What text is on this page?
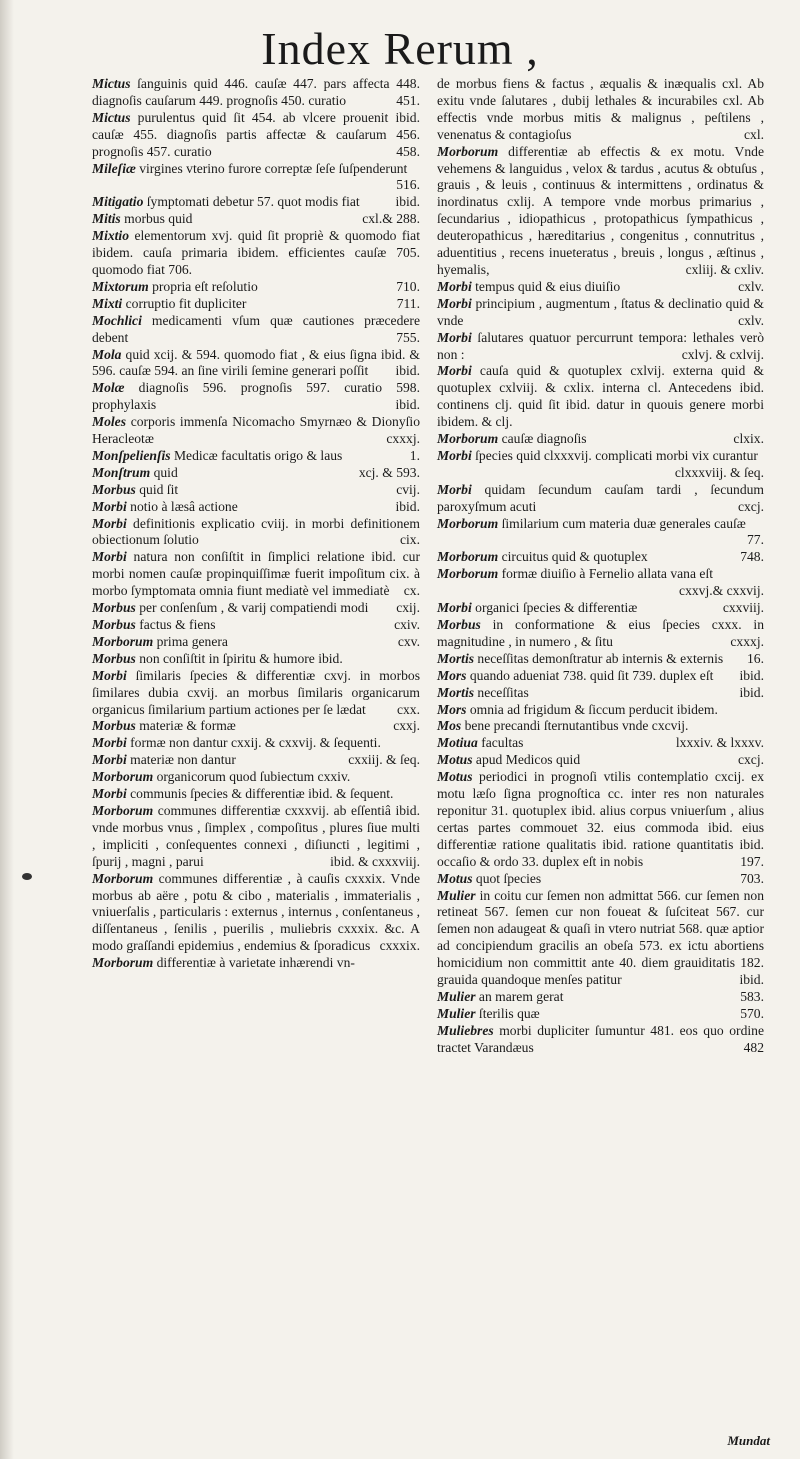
Index Rerum ,
Mictus ſanguinis quid 446. cauſæ 447. pars affecta 448. diagnoſis cauſarum 449. prognoſis 450. curatio	451.
Mictus purulentus quid ſit 454. ab vlcere prouenit ibid. cauſæ 455. diagnoſis partis affectæ & cauſarum 456. prognoſis 457. curatio	458.
Mileſiæ virgines vterino furore correptæ ſeſe ſuſpenderunt
516.
Mitigatio ſymptomati debetur 57. quot modis fiat	ibid.
Mitis morbus quid	cxl.& 288.
Mixtio elementorum xvj. quid ſit propriè & quomodo fiat ibidem. cauſa primaria ibidem. efficientes cauſæ 705. quomodo fiat 706.
Mixtorum propria eſt reſolutio	710.
Mixti corruptio fit dupliciter	711.
Mochlici medicamenti vſum quæ cautiones præcedere debent	755.
Mola quid xcij. & 594. quomodo fiat , & eius ſigna ibid. & 596. cauſæ 594. an ſine virili ſemine generari poſſit	ibid.
Molæ diagnoſis 596. prognoſis 597. curatio 598. prophylaxis	ibid.
Moles corporis immenſa Nicomacho Smyrnæo & Dionyſio Heracleotæ	cxxxj.
Monſpelienſis Medicæ facultatis origo & laus	1.
Monſtrum quid	xcj. & 593.
Morbus quid ſit	cvij.
Morbi notio à læsâ actione	ibid.
Morbi definitionis explicatio cviij. in morbi definitionem obiectionum ſolutio	cix.
Morbi natura non conſiſtit in ſimplici relatione ibid. cur morbi nomen cauſæ propinquiſſimæ fuerit impoſitum cix. à morbo ſymptomata omnia fiunt mediatè vel immediatè	cx.
Morbus per conſenſum , & varij compatiendi modi	cxij.
Morbus factus & fiens	cxiv.
Morborum prima genera	cxv.
Morbus non conſiſtit in ſpiritu & humore ibid.
Morbi ſimilaris ſpecies & differentiæ cxvj. in morbos ſimilares dubia cxvij. an morbus ſimilaris organicarum organicus ſimilarium partium actiones per ſe lædat	cxx.
Morbus materiæ & formæ	cxxj.
Morbi formæ non dantur cxxij. & cxxvij. & ſequenti.
Morbi materiæ non dantur	cxxiij. & ſeq.
Morborum organicorum quod ſubiectum cxxiv.
Morbi communis ſpecies & differentiæ ibid. & ſequent.
Morborum communes differentiæ cxxxvij. ab eſſentiâ ibid. vnde morbus vnus , ſimplex , compoſitus , plures ſiue multi , impliciti , conſequentes connexi , diſiuncti , legitimi , ſpurij , magni , parui	ibid. & cxxxviij.
Morborum communes differentiæ , à cauſis cxxxix. Vnde morbus ab aëre , potu & cibo , materialis , immaterialis , vniuerſalis , particularis : externus , internus , conſentaneus , diſſentaneus , ſenilis , puerilis , muliebris cxxxix. &c. A modo graſſandi epidemius , endemius & ſporadicus cxxxix.
Morborum differentiæ à varietate inhærendi vn-
de morbus fiens & factus , æqualis & inæqualis cxl. Ab exitu vnde ſalutares , dubij lethales & incurabiles cxl. Ab effectis vnde morbus mitis & malignus , peſtilens , venenatus & contagioſus	cxl.
Morborum differentiæ ab effectis & ex motu. Vnde vehemens & languidus , velox & tardus , acutus & obtuſus , grauis , & leuis , continuus & intermittens , ordinatus & inordinatus cxlij. A tempore vnde morbus primarius , ſecundarius , idiopathicus , protopathicus ſympathicus , deuteropathicus , hæreditarius , congenitus , connutritus , aduentitius , recens inueteratus , breuis , longus , æſtinus , hyemalis,	cxliij. & cxliv.
Morbi tempus quid & eius diuiſio	cxlv.
Morbi principium , augmentum , ſtatus & declinatio quid & vnde	cxlv.
Morbi ſalutares quatuor percurrunt tempora: lethales verò non :	cxlvj. & cxlvij.
Morbi cauſa quid & quotuplex cxlvij. externa quid & quotuplex cxlviij. & cxlix. interna cl. Antecedens ibid. continens clj. quid ſit ibid. datur in quouis genere morbi ibidem. & clj.
Morborum cauſæ diagnoſis	clxix.
Morbi ſpecies quid clxxxvij. complicati morbi vix curantur
clxxxviij. & ſeq.
Morbi quidam ſecundum cauſam tardi , ſecundum paroxyſmum acuti	cxcj.
Morborum ſimilarium cum materia duæ generales cauſæ
77.
Morborum circuitus quid & quotuplex	748.
Morborum formæ diuiſio à Fernelio allata vana eſt
cxxvj.& cxxvij.
Morbi organici ſpecies & differentiæ	cxxviij.
Morbus in conformatione & eius ſpecies cxxx. in magnitudine , in numero , & ſitu	cxxxj.
Mortis neceſſitas demonſtratur ab internis & externis	16.
Mors quando adueniat 738. quid ſit 739. duplex eſt	ibid.
Mortis neceſſitas	ibid.
Mors omnia ad frigidum & ſiccum perducit ibidem.
Mos bene precandi ſternutantibus vnde cxcvij.
Motiua facultas	lxxxiv. & lxxxv.
Motus apud Medicos quid	cxcj.
Motus periodici in prognoſi vtilis contemplatio cxcij. ex motu læſo ſigna prognoſtica cc. inter res non naturales reponitur 31. quotuplex ibid. alius corpus vniuerſum , alius certas partes commouet 32. eius commoda ibid. eius differentiæ ratione qualitatis ibid. ratione quantitatis ibid. occaſio & ordo 33. duplex eſt in nobis	197.
Motus quot ſpecies	703.
Mulier in coitu cur ſemen non admittat 566. cur ſemen non retineat 567. ſemen cur non foueat & ſuſciteat 567. cur ſemen non adaugeat & quaſi in vtero nutriat 568. quæ aptior ad concipiendum gracilis an obeſa 573. ex ictu abortiens homicidium non committit ante 40. diem grauiditatis 182. grauida quandoque menſes patitur	ibid.
Mulier an marem gerat	583.
Mulier ſterilis quæ	570.
Muliebres morbi dupliciter ſumuntur 481. eos quo ordine tractet Varandæus	482
Mundat
